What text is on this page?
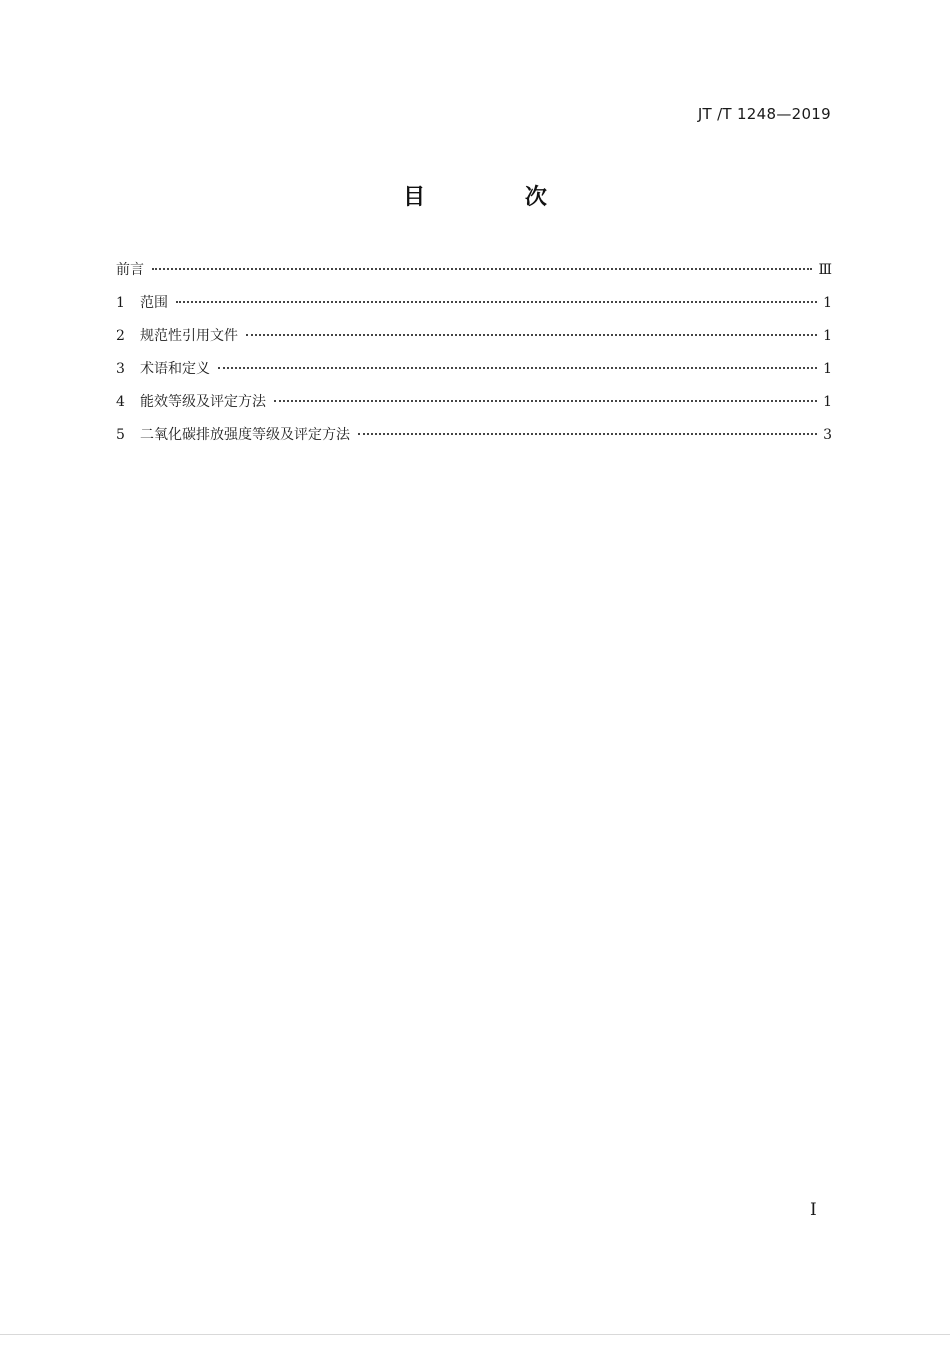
JT /T 1248—2019
目 次
前言	Ⅲ
1	范围	1
2	规范性引用文件	1
3	术语和定义	1
4	能效等级及评定方法	1
5	二氧化碳排放强度等级及评定方法	3
I
